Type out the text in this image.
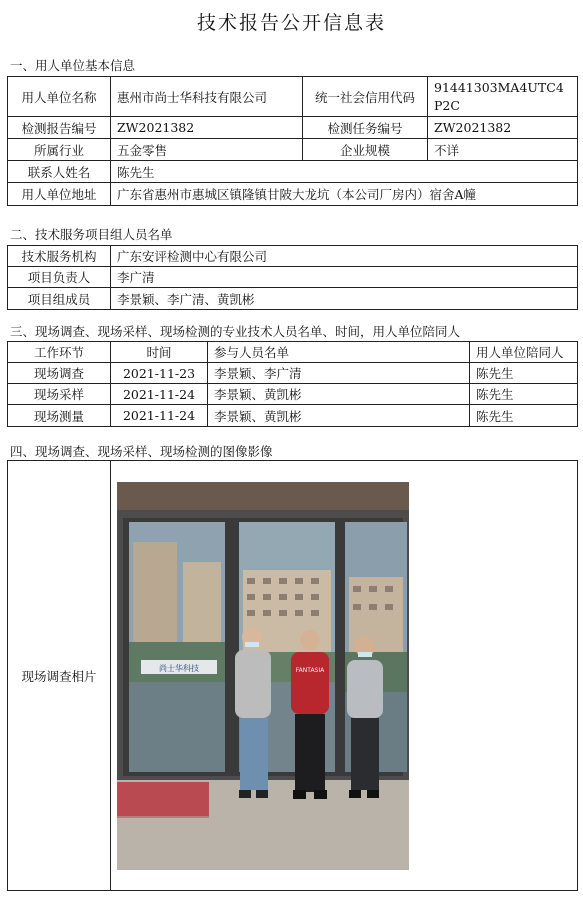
技术报告公开信息表
一、用人单位基本信息
用人单位名称	惠州市尚士华科技有限公司	统一社会信用代码	91441303MA4UTC4P2C
检测报告编号	ZW2021382	检测任务编号	ZW2021382
所属行业	五金零售	企业规模	不详
联系人姓名	陈先生		
用人单位地址	广东省惠州市惠城区镇隆镇甘陂大龙坑（本公司厂房内）宿舍A幢		
二、技术服务项目组人员名单
技术服务机构	广东安评检测中心有限公司
项目负责人	李广清
项目组成员	李景颖、李广清、黄凯彬
三、现场调查、现场采样、现场检测的专业技术人员名单、时间，用人单位陪同人
工作环节	时间	参与人员名单	用人单位陪同人
现场调查	2021-11-23	李景颖、李广清	陈先生
现场采样	2021-11-24	李景颖、黄凯彬	陈先生
现场测量	2021-11-24	李景颖、黄凯彬	陈先生
四、现场调查、现场采样、现场检测的图像影像
现场调查相片	
尚士华科技	FANTASIA
